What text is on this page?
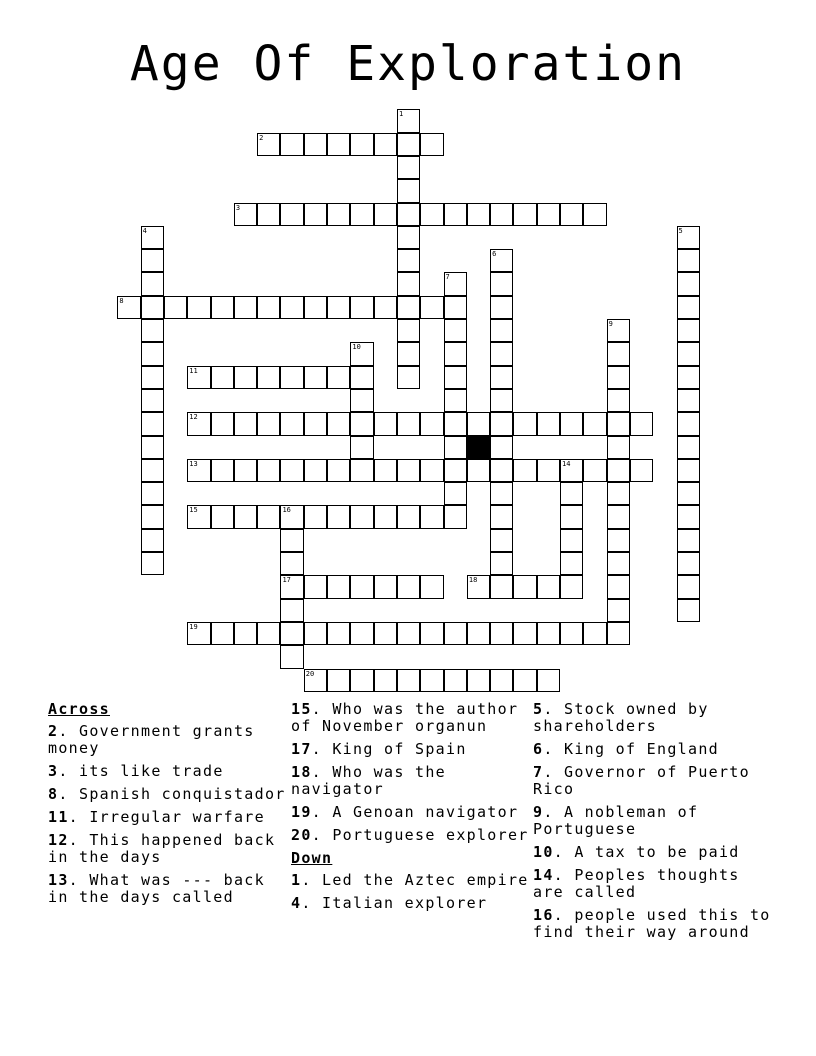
Age Of Exploration
2
3
8
11
12
13	14
15	16
17	18
19
20
1
4	5
6
7
9
10
Across
2. Government grants money
3. its like trade
8. Spanish conquistador
11. Irregular warfare
12. This happened back in the days
13. What was --- back in the days called
15. Who was the author of November organun
17. King of Spain
18. Who was the navigator
19. A Genoan navigator
20. Portuguese explorer
Down
1. Led the Aztec empire
4. Italian explorer
5. Stock owned by shareholders
6. King of England
7. Governor of Puerto Rico
9. A nobleman of Portuguese
10. A tax to be paid
14. Peoples thoughts are called
16. people used this to find their way around
